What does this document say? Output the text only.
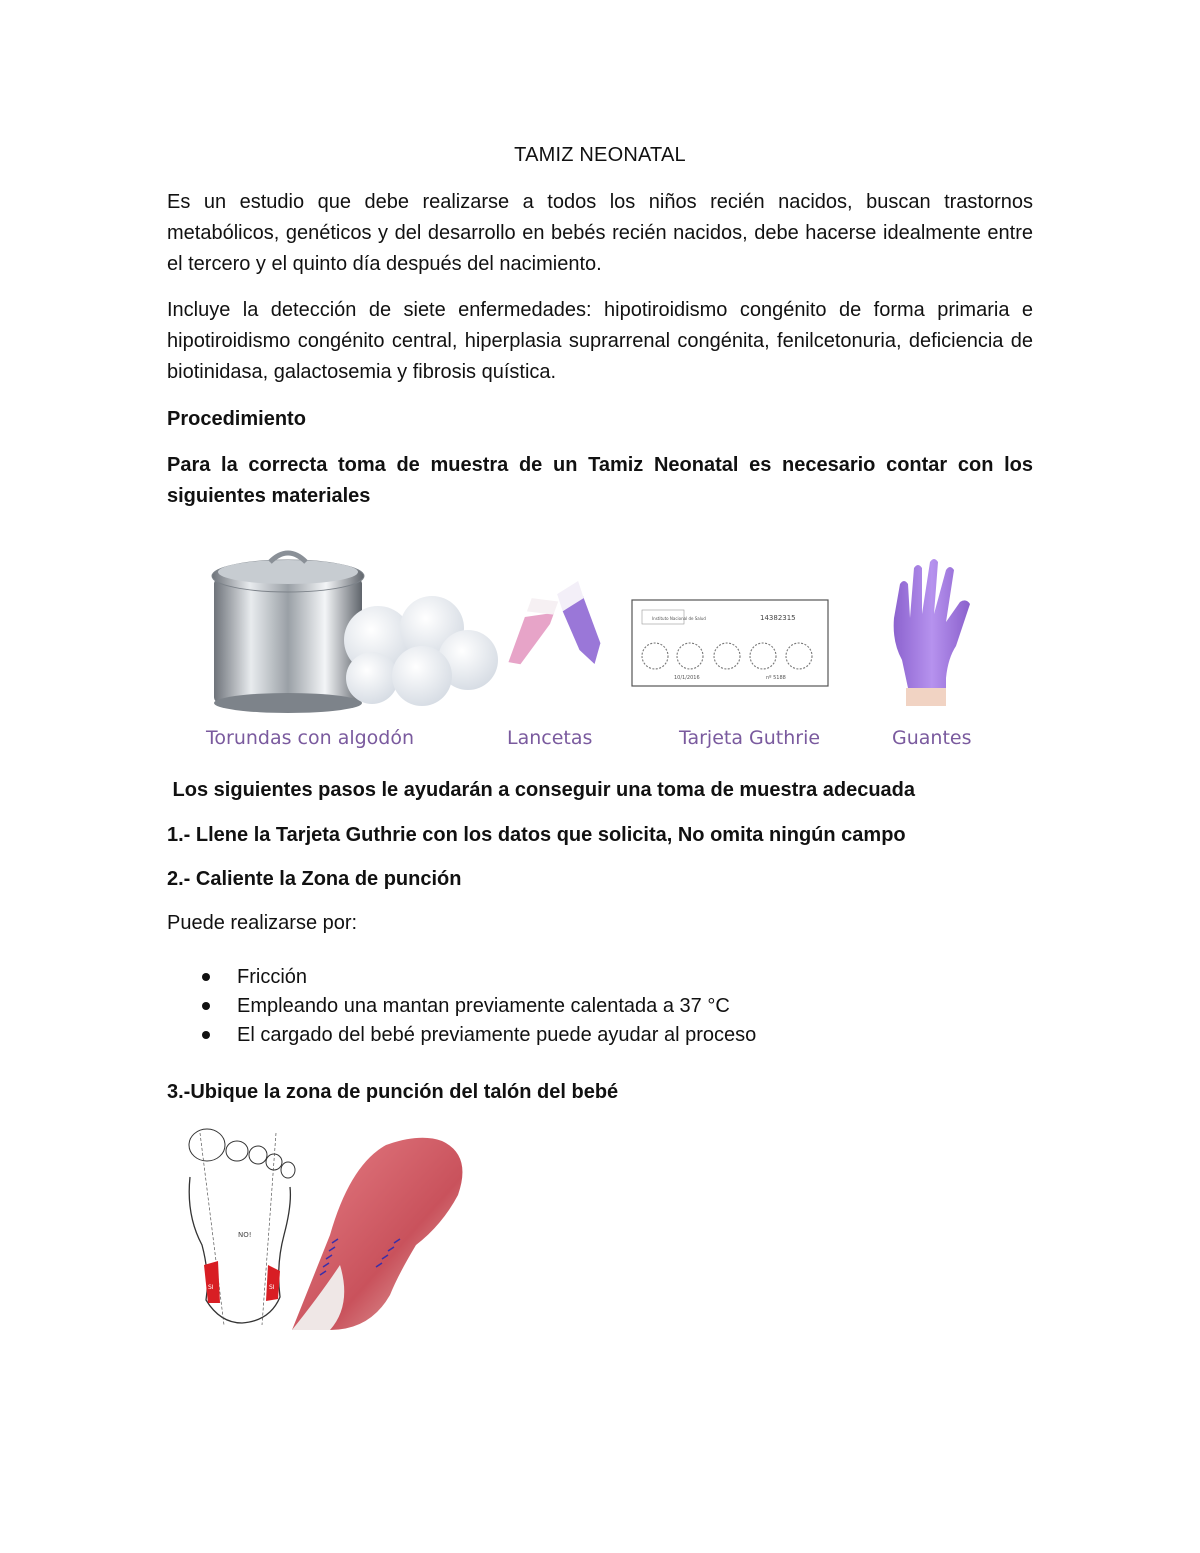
TAMIZ NEONATAL

Es un estudio que debe realizarse a todos los niños recién nacidos, buscan trastornos metabólicos, genéticos y del desarrollo en bebés recién nacidos, debe hacerse idealmente entre el tercero y el quinto día después del nacimiento.

Incluye la detección de siete enfermedades: hipotiroidismo congénito de forma primaria e hipotiroidismo congénito central, hiperplasia suprarrenal congénita, fenilcetonuria, deficiencia de biotinidasa, galactosemia y fibrosis quística.

Procedimiento

Para la correcta toma de muestra de un Tamiz Neonatal es necesario contar con los siguientes materiales

Instituto Nacional de Salud	14382315
10/1/2016	nº 5188
Torundas con algodón	Lancetas	Tarjeta Guthrie	Guantes

Los siguientes pasos le ayudarán a conseguir una toma de muestra adecuada

1.- Llene la Tarjeta Guthrie con los datos que solicita, No omita ningún campo

2.- Caliente la Zona de punción

Puede realizarse por:

Fricción
Empleando una mantan previamente calentada a 37 °C
El cargado del bebé previamente puede ayudar al proceso

3.-Ubique la zona de punción del talón del bebé

NO!
SI	SI
